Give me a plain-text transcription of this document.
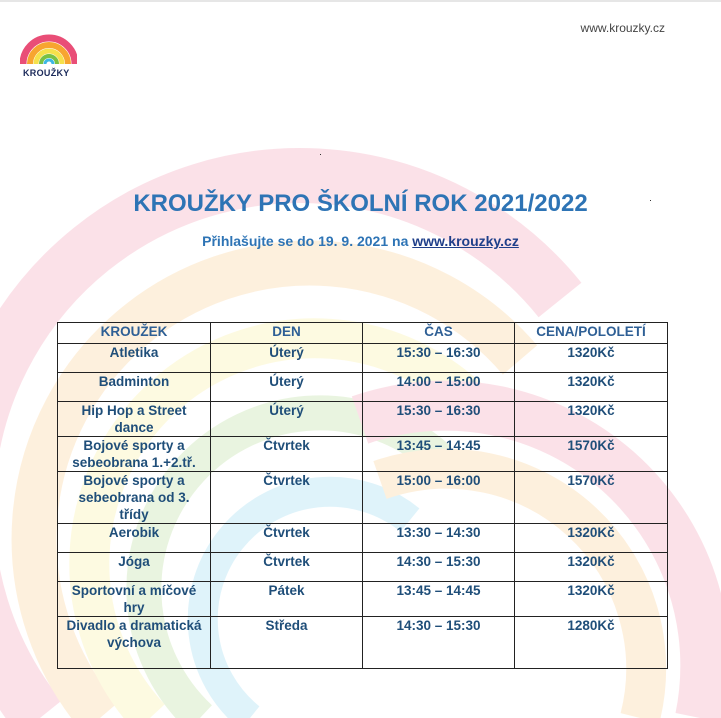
KROUŽKY
www.krouzky.cz
KROUŽKY PRO ŠKOLNÍ ROK 2021/2022
Přihlašujte se do 19. 9. 2021 na www.krouzky.cz
KROUŽEK	DEN	ČAS	CENA/POLOLETÍ
Atletika	Úterý	15:30 – 16:30	1320Kč
Badminton	Úterý	14:00 – 15:00	1320Kč
Hip Hop a Street dance	Úterý	15:30 – 16:30	1320Kč
Bojové sporty a sebeobrana 1.+2.tř.	Čtvrtek	13:45 – 14:45	1570Kč
Bojové sporty a sebeobrana od 3. třídy	Čtvrtek	15:00 – 16:00	1570Kč
Aerobik	Čtvrtek	13:30 – 14:30	1320Kč
Jóga	Čtvrtek	14:30 – 15:30	1320Kč
Sportovní a míčové hry	Pátek	13:45 – 14:45	1320Kč
Divadlo a dramatická výchova	Středa	14:30 – 15:30	1280Kč
